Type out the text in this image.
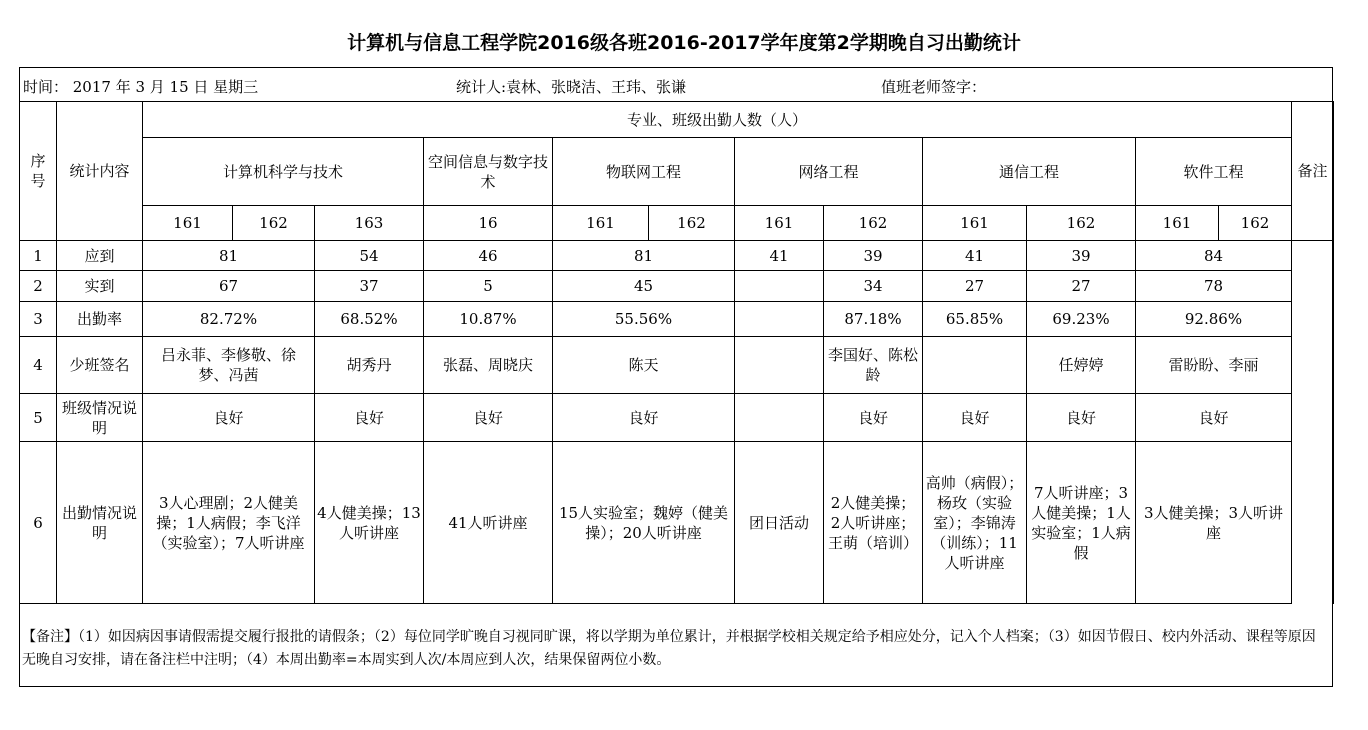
计算机与信息工程学院2016级各班2016-2017学年度第2学期晚自习出勤统计
时间： 2017 年 3 月 15 日 星期三	统计人:袁林、张晓洁、王玮、张谦	值班老师签字：
序号	统计内容	专业、班级出勤人数（人）												备注
		计算机科学与技术			空间信息与数字技术	物联网工程		网络工程		通信工程		软件工程		
		161	162	163	16	161	162	161	162	161	162	161	162	
1	应到	81		54	46	81		41	39	41	39	84		
2	实到	67		37	5	45			34	27	27	78		
3	出勤率	82.72%		68.52%	10.87%	55.56%			87.18%	65.85%	69.23%	92.86%		
4	少班签名	吕永菲、李修敬、徐梦、冯茜		胡秀丹	张磊、周晓庆	陈天			李国好、陈松龄		任婷婷	雷盼盼、李丽		
5	班级情况说明	良好		良好	良好	良好			良好	良好	良好	良好		
6	出勤情况说明	3人心理剧；2人健美操；1人病假；李飞洋（实验室）；7人听讲座		4人健美操；13人听讲座	41人听讲座	15人实验室；魏婷（健美操）；20人听讲座		团日活动	2人健美操；2人听讲座；王萌（培训）	高帅（病假）；杨玫（实验室）；李锦涛（训练）；11人听讲座	7人听讲座；3人健美操；1人实验室；1人病假	3人健美操；3人听讲座		
【备注】（1）如因病因事请假需提交履行报批的请假条；（2）每位同学旷晚自习视同旷课，将以学期为单位累计，并根据学校相关规定给予相应处分，记入个人档案；（3）如因节假日、校内外活动、课程等原因无晚自习安排，请在备注栏中注明；（4）本周出勤率=本周实到人次/本周应到人次，结果保留两位小数。
